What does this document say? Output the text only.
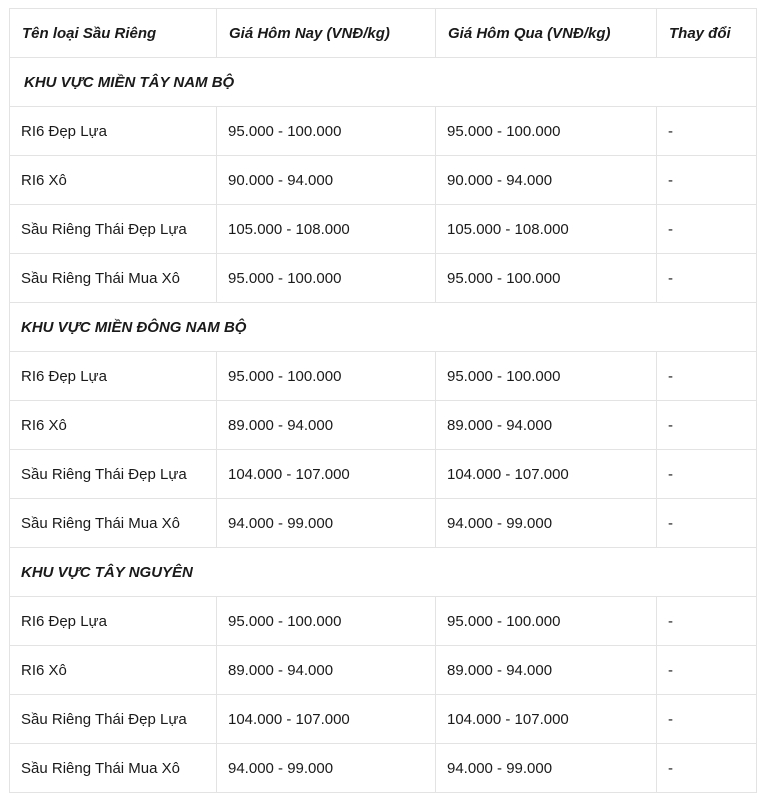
Tên loại Sầu Riêng	Giá Hôm Nay (VNĐ/kg)	Giá Hôm Qua (VNĐ/kg)	Thay đổi
KHU VỰC MIỀN TÂY NAM BỘ			
RI6 Đẹp Lựa	95.000 - 100.000	95.000 - 100.000	-
RI6 Xô	90.000 - 94.000	90.000 - 94.000	-
Sầu Riêng Thái Đẹp Lựa	105.000 - 108.000	105.000 - 108.000	-
Sầu Riêng Thái Mua Xô	95.000 - 100.000	95.000 - 100.000	-
KHU VỰC MIỀN ĐÔNG NAM BỘ			
RI6 Đẹp Lựa	95.000 - 100.000	95.000 - 100.000	-
RI6 Xô	89.000 - 94.000	89.000 - 94.000	-
Sầu Riêng Thái Đẹp Lựa	104.000 - 107.000	104.000 - 107.000	-
Sầu Riêng Thái Mua Xô	94.000 - 99.000	94.000 - 99.000	-
KHU VỰC TÂY NGUYÊN			
RI6 Đẹp Lựa	95.000 - 100.000	95.000 - 100.000	-
RI6 Xô	89.000 - 94.000	89.000 - 94.000	-
Sầu Riêng Thái Đẹp Lựa	104.000 - 107.000	104.000 - 107.000	-
Sầu Riêng Thái Mua Xô	94.000 - 99.000	94.000 - 99.000	-
